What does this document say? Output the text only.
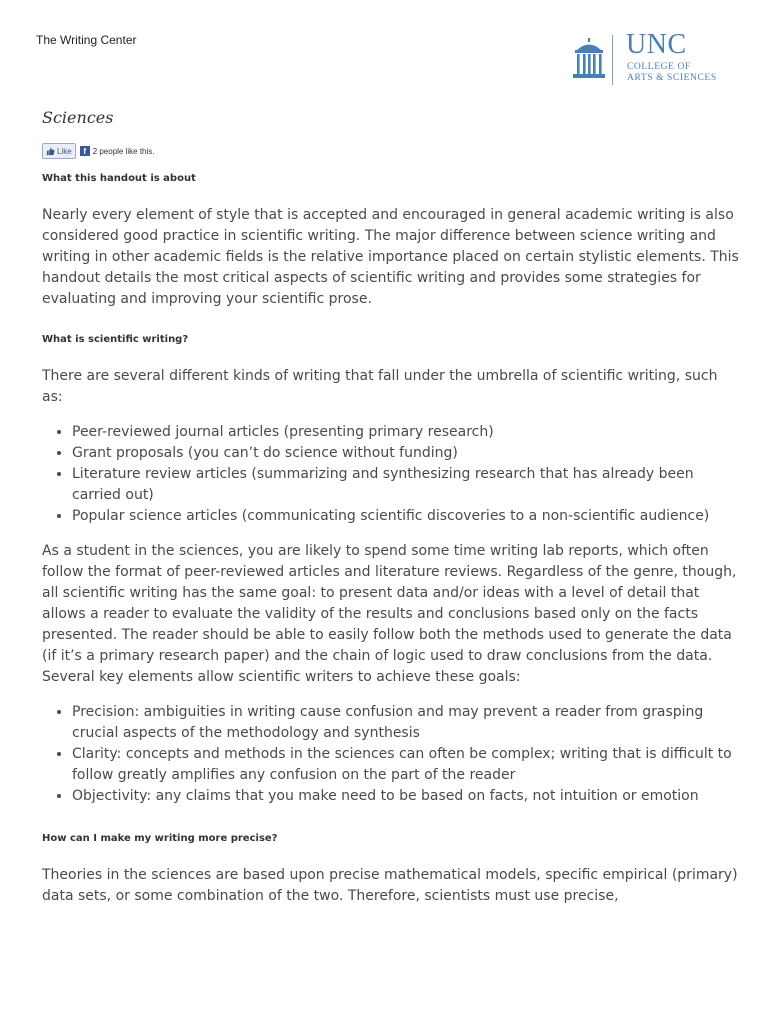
The Writing Center	UNC
COLLEGE OF
ARTS & SCIENCES
Sciences
Like	f 2 people like this.
What this handout is about

Nearly every element of style that is accepted and encouraged in general academic writing is also considered good practice in scientific writing. The major difference between science writing and writing in other academic fields is the relative importance placed on certain stylistic elements. This handout details the most critical aspects of scientific writing and provides some strategies for evaluating and improving your scientific prose.

What is scientific writing?

There are several different kinds of writing that fall under the umbrella of scientific writing, such as:

• Peer-reviewed journal articles (presenting primary research)
• Grant proposals (you can’t do science without funding)
• Literature review articles (summarizing and synthesizing research that has already been carried out)
• Popular science articles (communicating scientific discoveries to a non-scientific audience)

As a student in the sciences, you are likely to spend some time writing lab reports, which often follow the format of peer-reviewed articles and literature reviews. Regardless of the genre, though, all scientific writing has the same goal: to present data and/or ideas with a level of detail that allows a reader to evaluate the validity of the results and conclusions based only on the facts presented. The reader should be able to easily follow both the methods used to generate the data (if it’s a primary research paper) and the chain of logic used to draw conclusions from the data. Several key elements allow scientific writers to achieve these goals:

• Precision: ambiguities in writing cause confusion and may prevent a reader from grasping crucial aspects of the methodology and synthesis
• Clarity: concepts and methods in the sciences can often be complex; writing that is difficult to follow greatly amplifies any confusion on the part of the reader
• Objectivity: any claims that you make need to be based on facts, not intuition or emotion
How can I make my writing more precise?

Theories in the sciences are based upon precise mathematical models, specific empirical (primary) data sets, or some combination of the two. Therefore, scientists must use precise,
